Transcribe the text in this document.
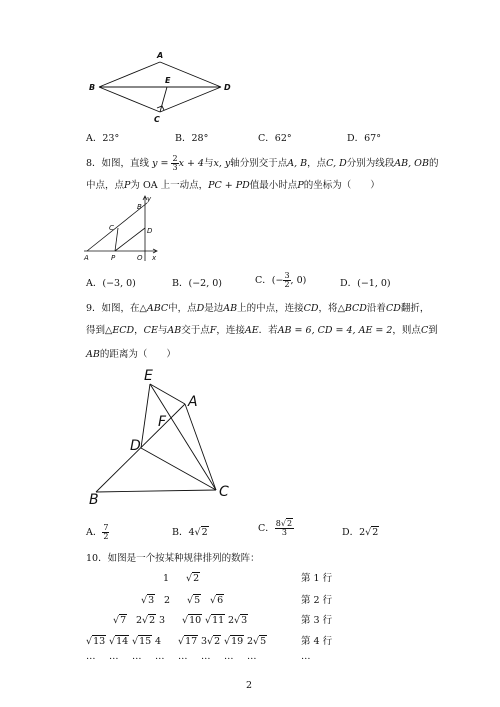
A
B	D
E
C
A．23°	B．28°	C．62°	D．67°
8．如图，直线 $y = \frac{2}{3}$ x + 4与x, y轴分别交于点A, B，点C, D分别为线段AB, OB的
中点，点P为 OA 上一动点，PC + PD值最小时点P的坐标为（　　）
y
x
B
C	D
A	P	O
A．(−3, 0)	B．(−2, 0)	C．(− $\frac{3}{2}$ , 0)	D．(−1, 0)
9．如图，在△ABC中，点D是边AB上的中点，连接CD，将△BCD沿着CD翻折，
得到△ECD，CE与AB交于点F，连接AE．若AB = 6, CD = 4, AE = 2，则点C到
AB的距离为（　　）
E
A
F
D
B	C
A． $\frac{7}{2}$	B．4√2	C． $\frac{8√2}{3}$	D．2√2
10．如图是一个按某种规律排列的数阵：
1 √2	第 1 行
√3 2 √5 √6	第 2 行
√7 2√2 3 √10 √11 2√3	第 3 行
√13 √14 √15 4 √17 3√2 √19 2√5	第 4 行
… … … … … … … …	…
2
